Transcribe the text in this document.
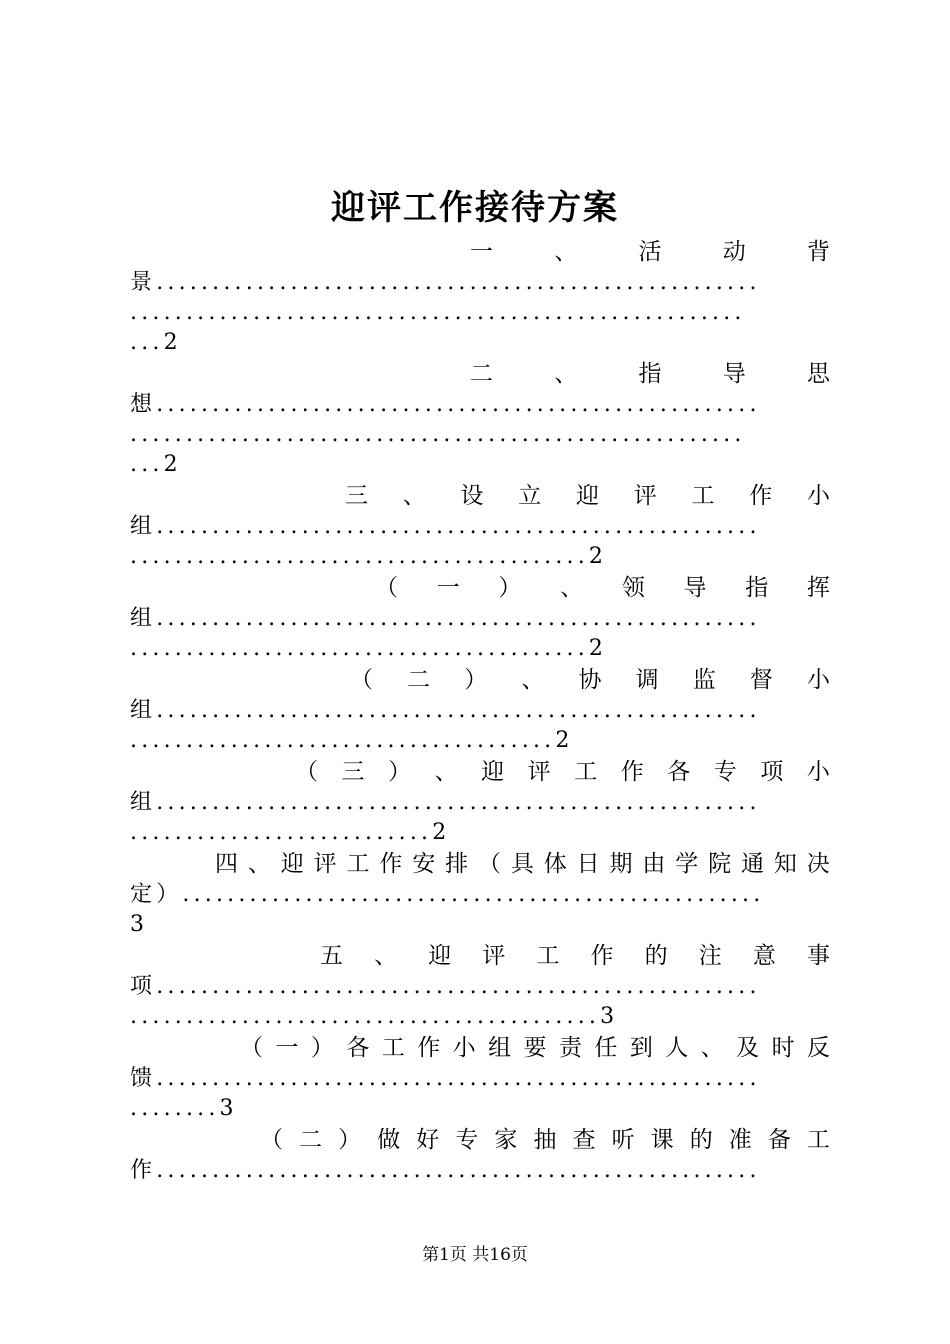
迎评工作接待方案
一	、	活	动	背
景......................................................
.......................................................
...2
二	、	指	导	思
想......................................................
.......................................................
...2
三 、 设 立 迎 评 工 作 小
组......................................................
.........................................2
（ 一 ） 、 领 导 指 挥
组......................................................
.........................................2
（ 二 ） 、 协 调 监 督 小
组......................................................
......................................2
（ 三 ） 、 迎 评 工 作 各 专 项 小
组......................................................
...........................2
四 、 迎 评 工 作 安 排 （ 具 体 日 期 由 学 院 通 知 决
定）....................................................
3
五 、 迎 评 工 作 的 注 意 事
项......................................................
..........................................3
（ 一 ） 各 工 作 小 组 要 责 任 到 人 、 及 时 反
馈......................................................
........3
（ 二 ） 做 好 专 家 抽 查 听 课 的 准 备 工
作......................................................
第1页 共16页
